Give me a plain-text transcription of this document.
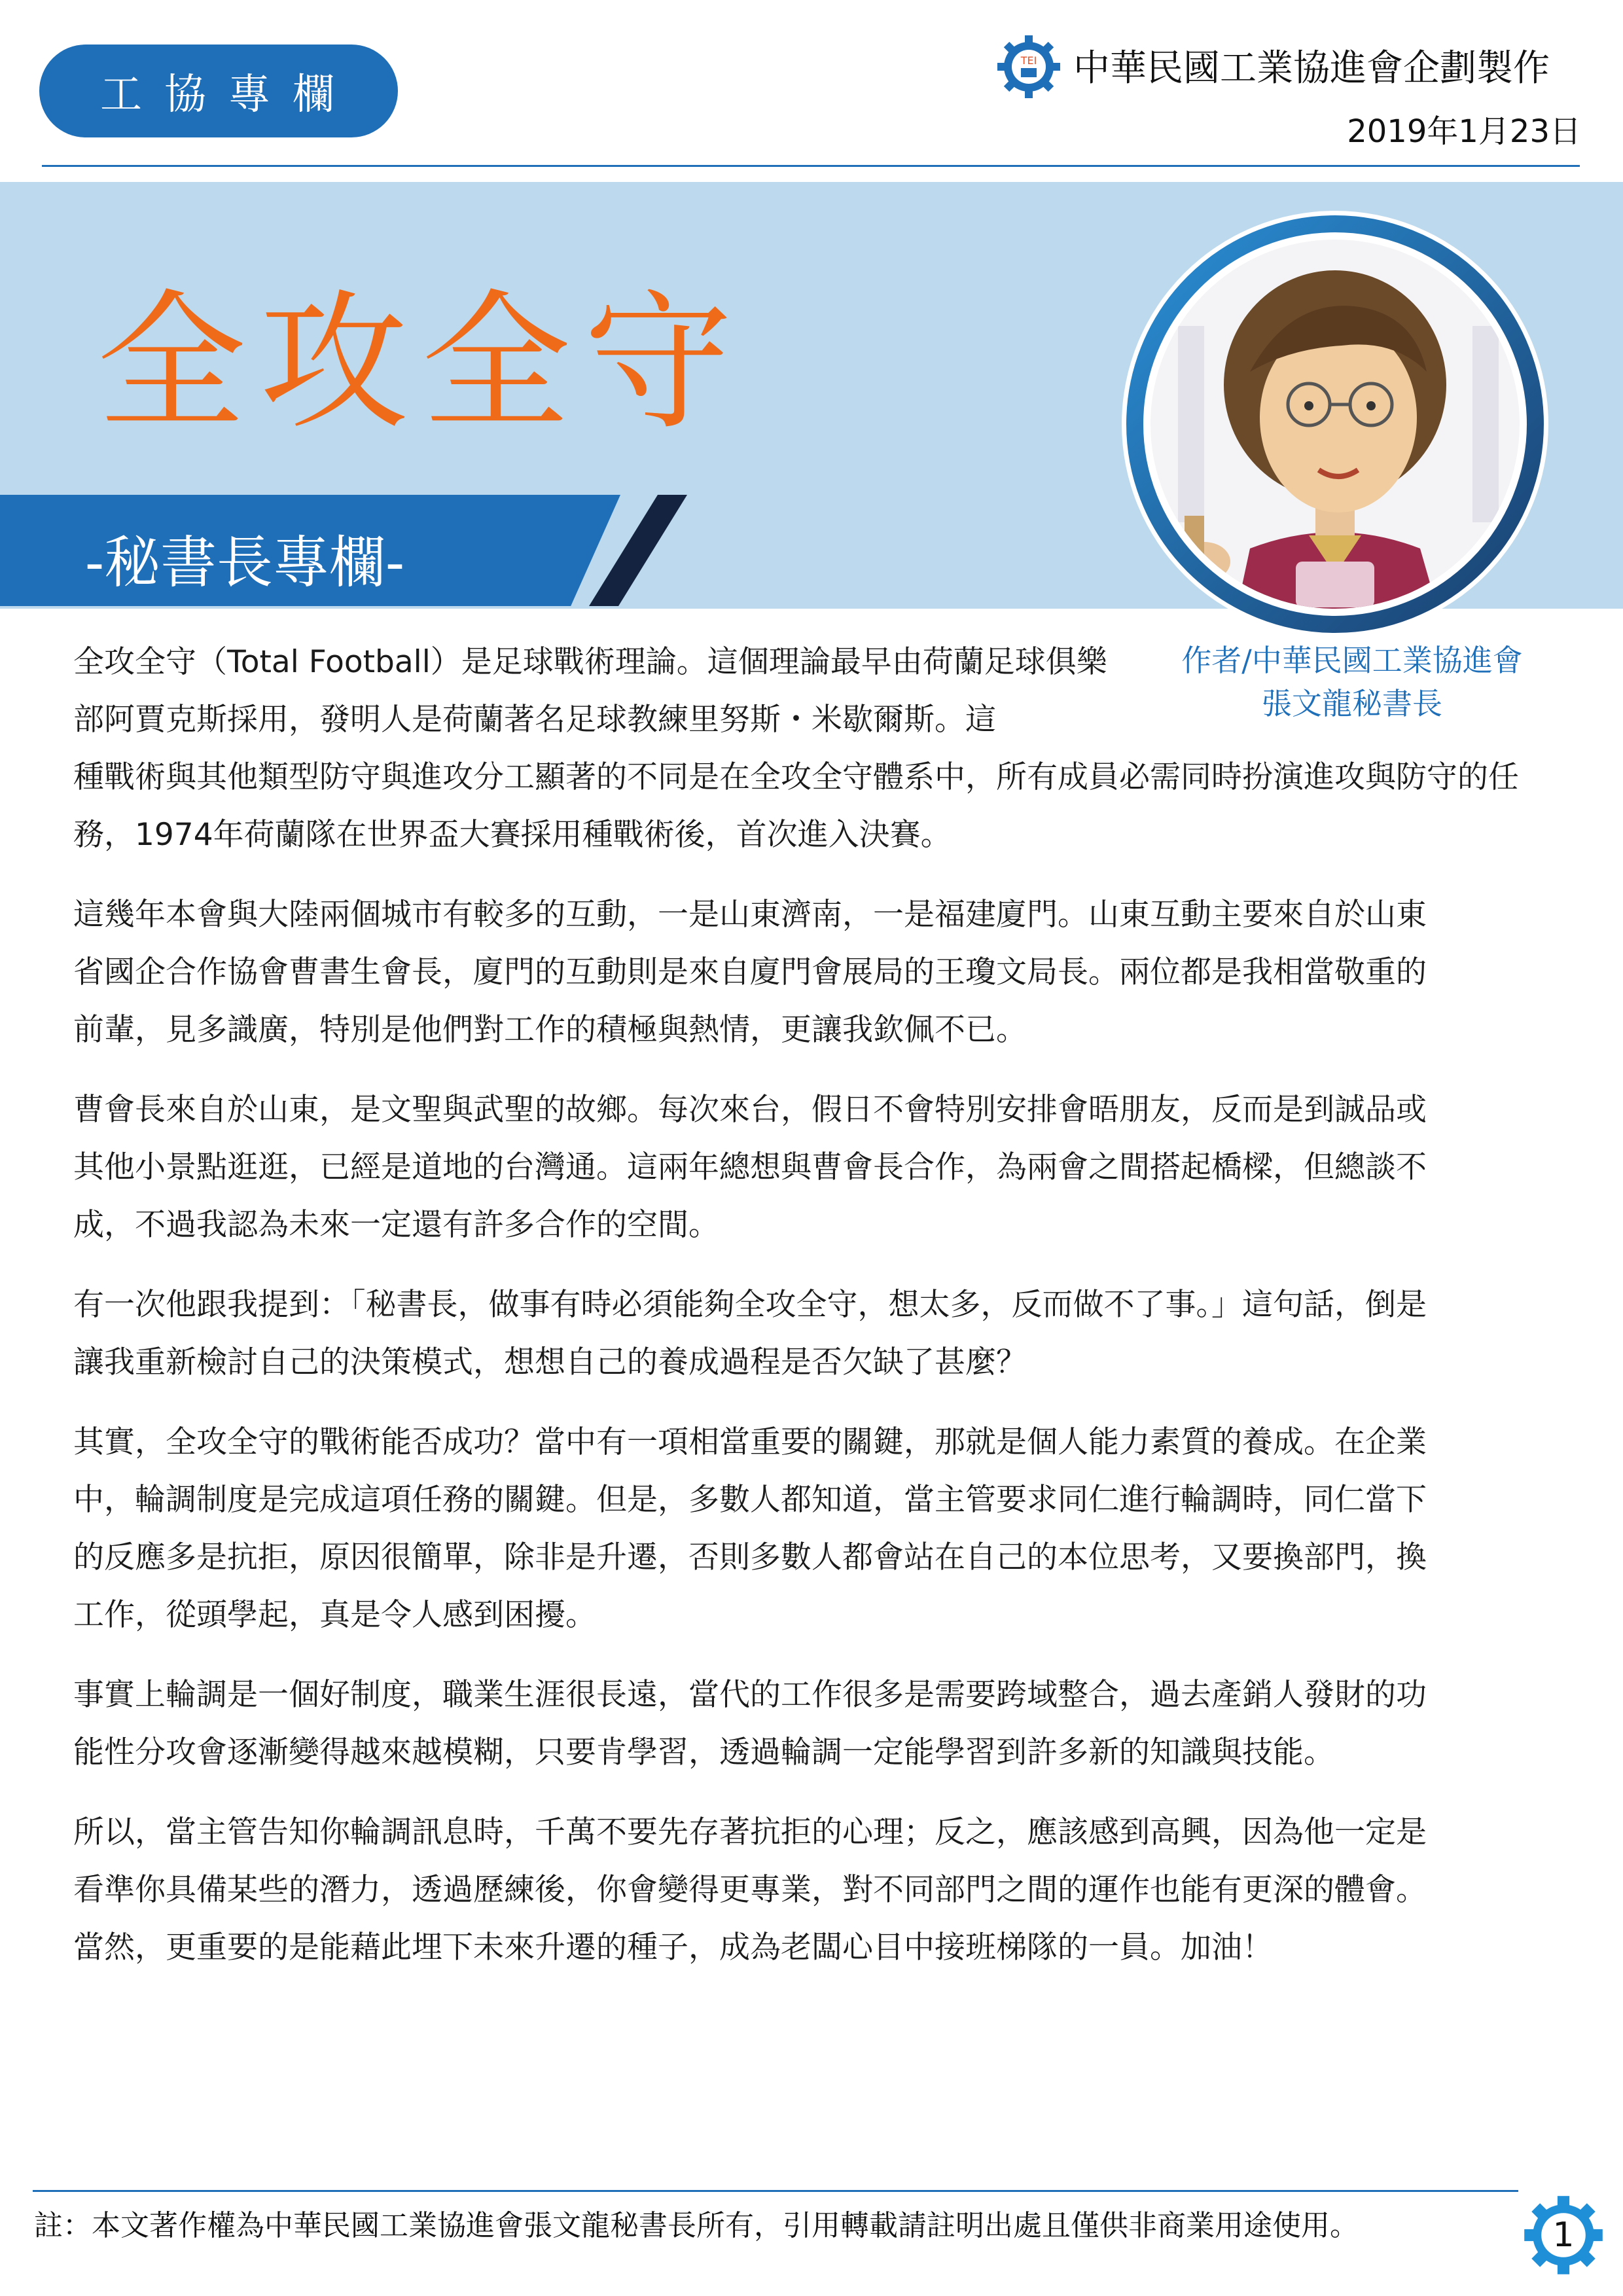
工協專欄
TEI 中華民國工業協進會企劃製作
2019年1月23日
全攻全守
-秘書長專欄-
作者/中華民國工業協進會
張文龍秘書長

全攻全守（Total Football）是足球戰術理論。這個理論最早由荷蘭足球俱樂部阿賈克斯採用，發明人是荷蘭著名足球教練里努斯・米歇爾斯。這
種戰術與其他類型防守與進攻分工顯著的不同是在全攻全守體系中，所有成員必需同時扮演進攻與防守的任務，1974年荷蘭隊在世界盃大賽採用種戰術後，首次進入決賽。

這幾年本會與大陸兩個城市有較多的互動，一是山東濟南，一是福建廈門。山東互動主要來自於山東省國企合作協會曹書生會長，廈門的互動則是來自廈門會展局的王瓊文局長。兩位都是我相當敬重的前輩，見多識廣，特別是他們對工作的積極與熱情，更讓我欽佩不已。

曹會長來自於山東，是文聖與武聖的故鄉。每次來台，假日不會特別安排會晤朋友，反而是到誠品或其他小景點逛逛，已經是道地的台灣通。這兩年總想與曹會長合作，為兩會之間搭起橋樑，但總談不成，不過我認為未來一定還有許多合作的空間。

有一次他跟我提到：「秘書長，做事有時必須能夠全攻全守，想太多，反而做不了事。」這句話，倒是讓我重新檢討自己的決策模式，想想自己的養成過程是否欠缺了甚麼？

其實，全攻全守的戰術能否成功？當中有一項相當重要的關鍵，那就是個人能力素質的養成。在企業中，輪調制度是完成這項任務的關鍵。但是，多數人都知道，當主管要求同仁進行輪調時，同仁當下的反應多是抗拒，原因很簡單，除非是升遷，否則多數人都會站在自己的本位思考，又要換部門，換工作，從頭學起，真是令人感到困擾。

事實上輪調是一個好制度，職業生涯很長遠，當代的工作很多是需要跨域整合，過去產銷人發財的功能性分攻會逐漸變得越來越模糊，只要肯學習，透過輪調一定能學習到許多新的知識與技能。

所以，當主管告知你輪調訊息時，千萬不要先存著抗拒的心理；反之，應該感到高興，因為他一定是看準你具備某些的潛力，透過歷練後，你會變得更專業，對不同部門之間的運作也能有更深的體會。當然，更重要的是能藉此埋下未來升遷的種子，成為老闆心目中接班梯隊的一員。加油！

註：本文著作權為中華民國工業協進會張文龍秘書長所有，引用轉載請註明出處且僅供非商業用途使用。	1
